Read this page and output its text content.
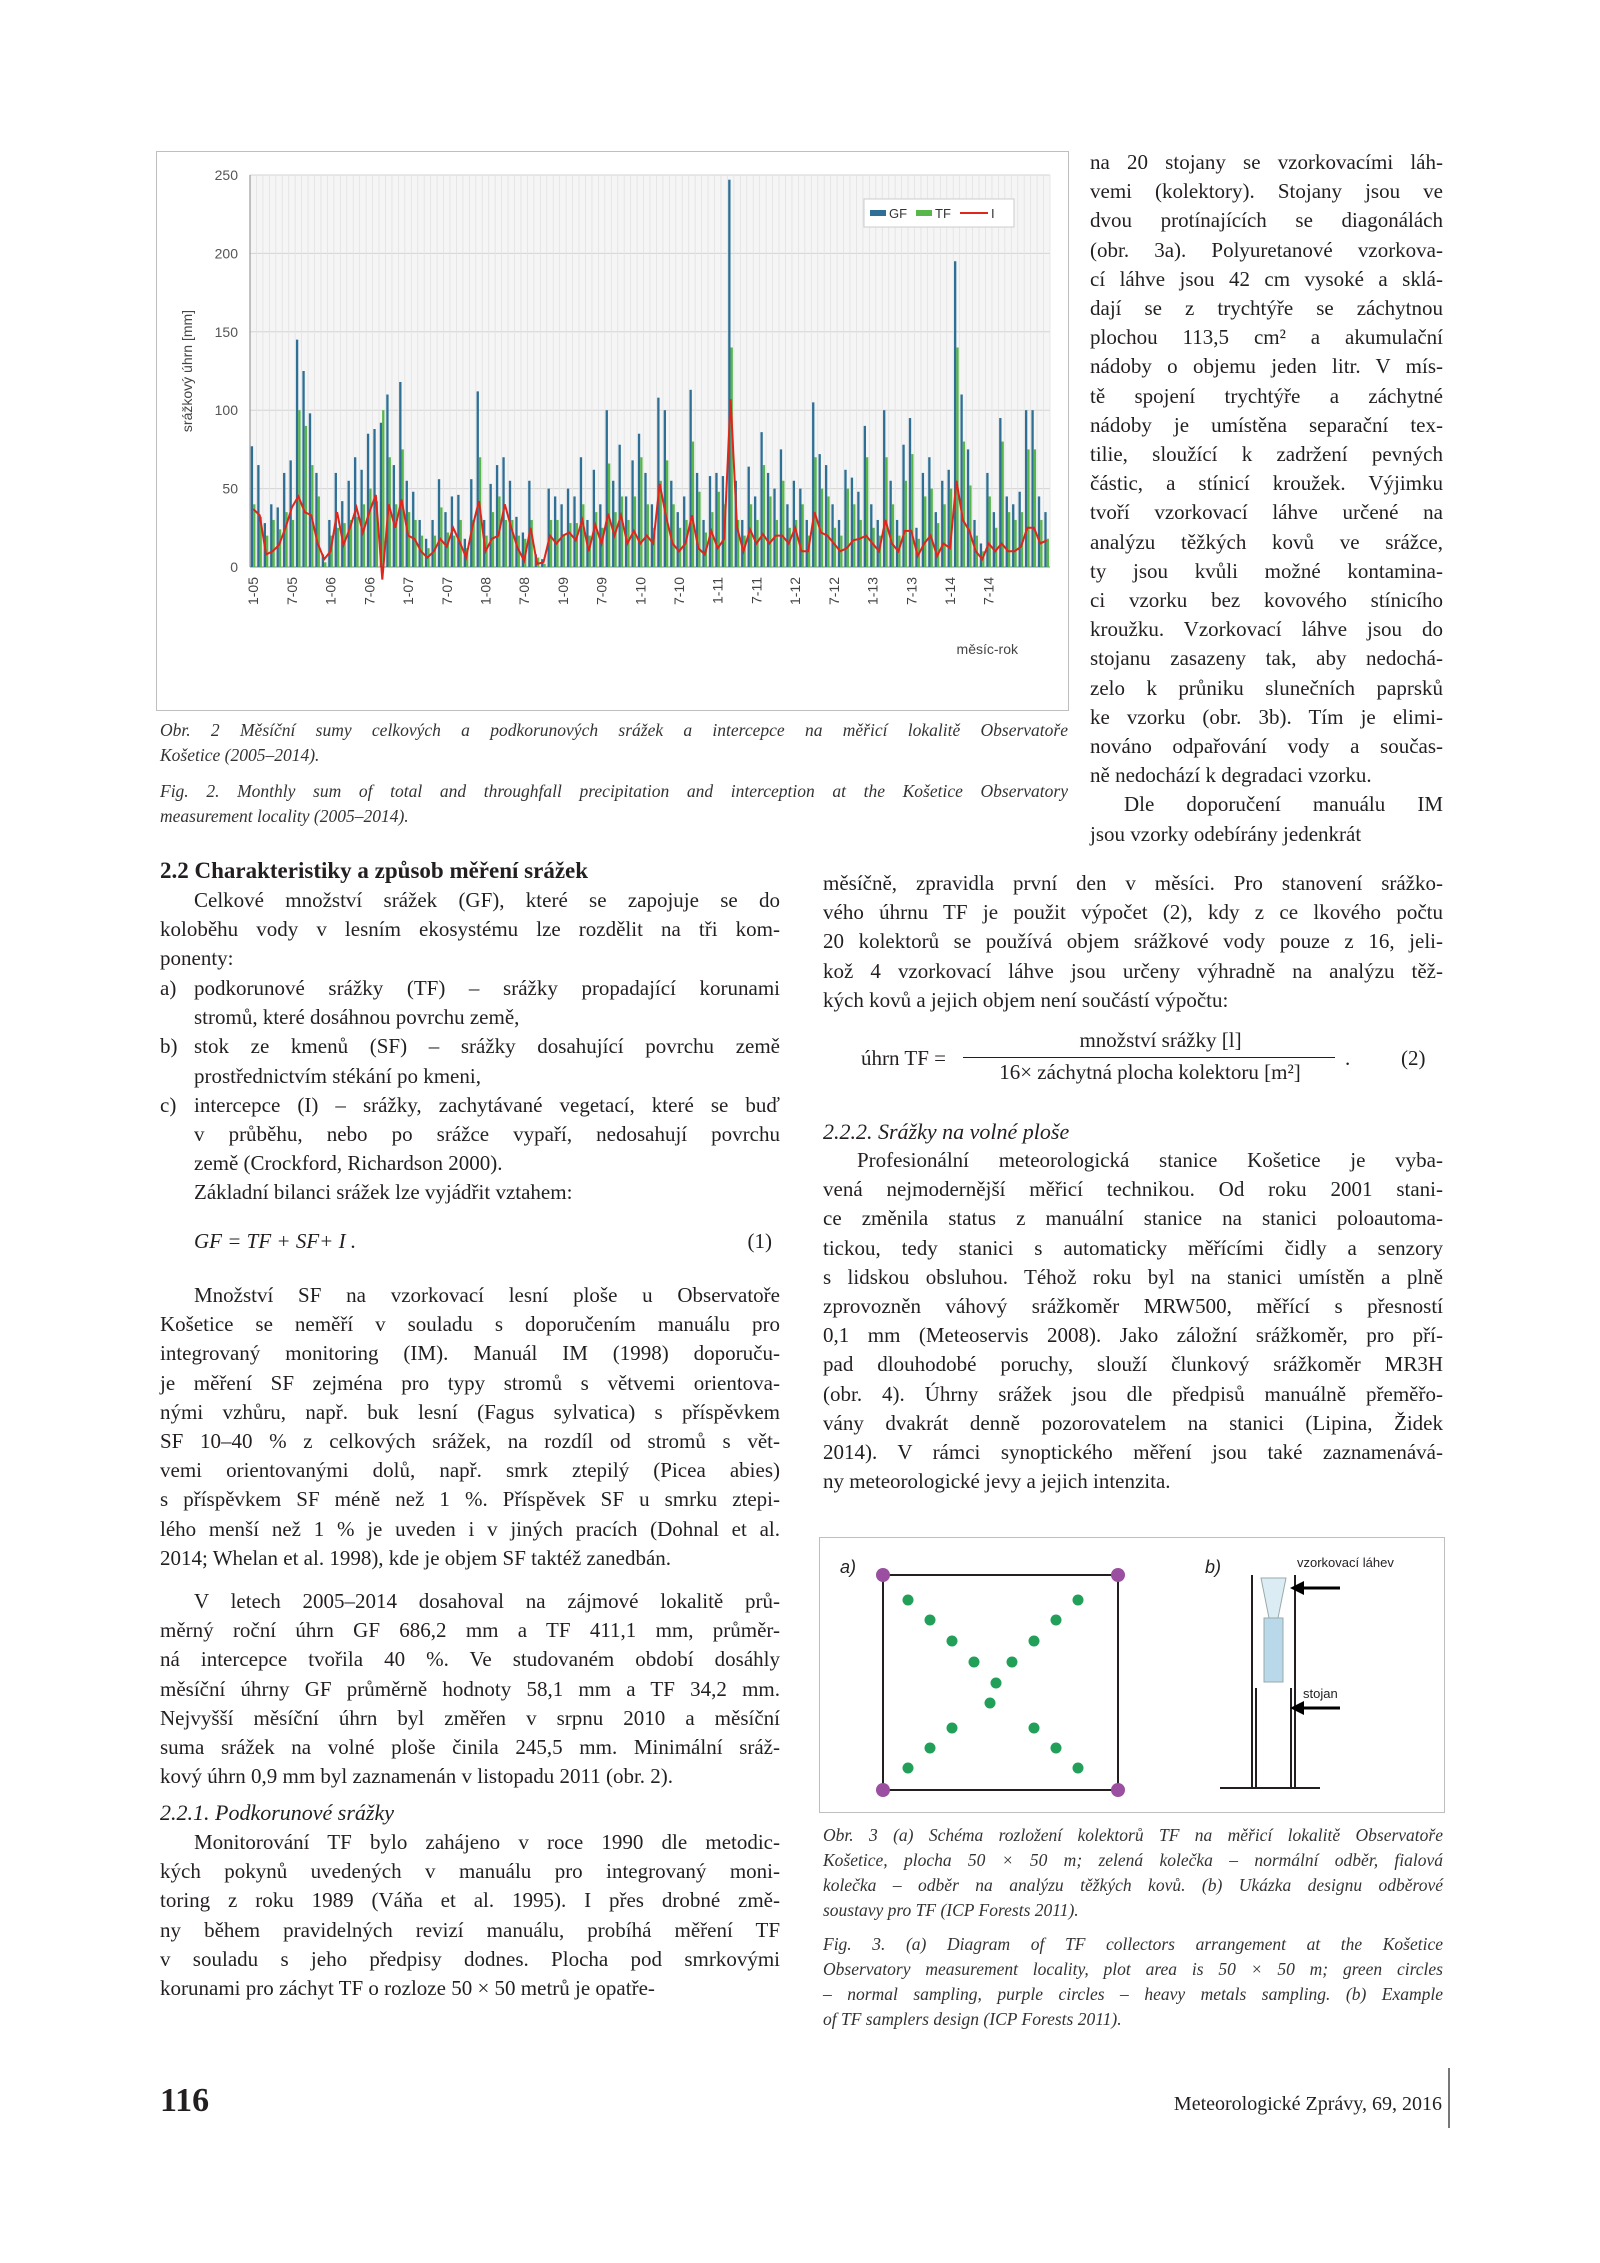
0
50
100
150
200
250
1-05 7-05 1-06 7-06 1-07 7-07 1-08 7-08 1-09 7-09 1-10 7-10 1-11 7-11 1-12 7-12 1-13 7-13 1-14 7-14
srážkový úhrn [mm]
měsíc-rok
GF TF	I
Obr. 2 Měsíční sumy celkových a podkorunových srážek a intercepce na měřicí lokalitě Observatoře
Košetice (2005–2014).
Fig. 2. Monthly sum of total and throughfall precipitation and interception at the Košetice Observatory
measurement locality (2005–2014).
na 20 stojany se vzorkovacími láh-
vemi (kolektory). Stojany jsou ve
dvou protínajících se diagonálách
(obr. 3a). Polyuretanové vzorkova-
cí láhve jsou 42 cm vysoké a sklá-
dají se z trychtýře se záchytnou
plochou 113,5 cm² a akumulační
nádoby o objemu jeden litr. V mís-
tě spojení trychtýře a záchytné
nádoby je umístěna separační tex-
tilie, sloužící k zadržení pevných
částic, a stínicí kroužek. Výjimku
tvoří vzorkovací láhve určené na
analýzu těžkých kovů ve srážce,
ty jsou kvůli možné kontamina-
ci vzorku bez kovového stínicího
kroužku. Vzorkovací láhve jsou do
stojanu zasazeny tak, aby nedochá-
zelo k průniku slunečních paprsků
ke vzorku (obr. 3b). Tím je elimi-
nováno odpařování vody a součas-
ně nedochází k degradaci vzorku.
Dle doporučení manuálu IM
jsou vzorky odebírány jedenkrát
měsíčně, zpravidla první den v měsíci. Pro stanovení srážko-
vého úhrnu TF je použit výpočet (2), kdy z ce lkového počtu
20 kolektorů se používá objem srážkové vody pouze z 16, jeli-
kož 4 vzorkovací láhve jsou určeny výhradně na analýzu těž-
kých kovů a jejich objem není součástí výpočtu:
úhrn TF =
množství srážky [l]
16× záchytná plocha kolektoru [m²]
. (2)
2.2.2. Srážky na volné ploše
Profesionální meteorologická stanice Košetice je vyba-
vená nejmodernější měřicí technikou. Od roku 2001 stani-
ce změnila status z manuální stanice na stanici poloautoma-
tickou, tedy stanici s automaticky měřícími čidly a senzory
s lidskou obsluhou. Téhož roku byl na stanici umístěn a plně
zprovozněn váhový srážkoměr MRW500, měřící s přesností
0,1 mm (Meteoservis 2008). Jako záložní srážkoměr, pro pří-
pad dlouhodobé poruchy, slouží člunkový srážkoměr MR3H
(obr. 4). Úhrny srážek jsou dle předpisů manuálně přeměřo-
vány dvakrát denně pozorovatelem na stanici (Lipina, Židek
2014). V rámci synoptického měření jsou také zaznamenává-
ny meteorologické jevy a jejich intenzita.
a)	b)	vzorkovací láhev
stojan
Obr. 3 (a) Schéma rozložení kolektorů TF na měřicí lokalitě Observatoře
Košetice, plocha 50 × 50 m; zelená kolečka – normální odběr, fialová
kolečka – odběr na analýzu těžkých kovů. (b) Ukázka designu odběrové
soustavy pro TF (ICP Forests 2011).
Fig. 3. (a) Diagram of TF collectors arrangement at the Košetice
Observatory measurement locality, plot area is 50 × 50 m; green circles
– normal sampling, purple circles – heavy metals sampling. (b) Example
of TF samplers design (ICP Forests 2011).
2.2 Charakteristiky a způsob měření srážek
Celkové množství srážek (GF), které se zapojuje se do
koloběhu vody v lesním ekosystému lze rozdělit na tři kom-
ponenty:
a) podkorunové srážky (TF) – srážky propadající korunami
stromů, které dosáhnou povrchu země,
b) stok ze kmenů (SF) – srážky dosahující povrchu země
prostřednictvím stékání po kmeni,
c) intercepce (I) – srážky, zachytávané vegetací, které se buď
v průběhu, nebo po srážce vypaří, nedosahují povrchu
země (Crockford, Richardson 2000).
Základní bilanci srážek lze vyjádřit vztahem:
GF = TF + SF+ I .	(1)
Množství SF na vzorkovací lesní ploše u Observatoře
Košetice se neměří v souladu s doporučením manuálu pro
integrovaný monitoring (IM). Manuál IM (1998) doporuču-
je měření SF zejména pro typy stromů s větvemi orientova-
nými vzhůru, např. buk lesní (Fagus sylvatica) s příspěvkem
SF 10–40 % z celkových srážek, na rozdíl od stromů s vět-
vemi orientovanými dolů, např. smrk ztepilý (Picea abies)
s příspěvkem SF méně než 1 %. Příspěvek SF u smrku ztepi-
lého menší než 1 % je uveden i v jiných pracích (Dohnal et al.
2014; Whelan et al. 1998), kde je objem SF taktéž zanedbán.
V letech 2005–2014 dosahoval na zájmové lokalitě prů-
měrný roční úhrn GF 686,2 mm a TF 411,1 mm, průměr-
ná intercepce tvořila 40 %. Ve studovaném období dosáhly
měsíční úhrny GF průměrně hodnoty 58,1 mm a TF 34,2 mm.
Nejvyšší měsíční úhrn byl změřen v srpnu 2010 a měsíční
suma srážek na volné ploše činila 245,5 mm. Minimální sráž-
kový úhrn 0,9 mm byl zaznamenán v listopadu 2011 (obr. 2).
2.2.1. Podkorunové srážky
Monitorování TF bylo zahájeno v roce 1990 dle metodic-
kých pokynů uvedených v manuálu pro integrovaný moni-
toring z roku 1989 (Váňa et al. 1995). I přes drobné změ-
ny během pravidelných revizí manuálu, probíhá měření TF
v souladu s jeho předpisy dodnes. Plocha pod smrkovými
korunami pro záchyt TF o rozloze 50 × 50 metrů je opatře-
116	Meteorologické Zprávy, 69, 2016
